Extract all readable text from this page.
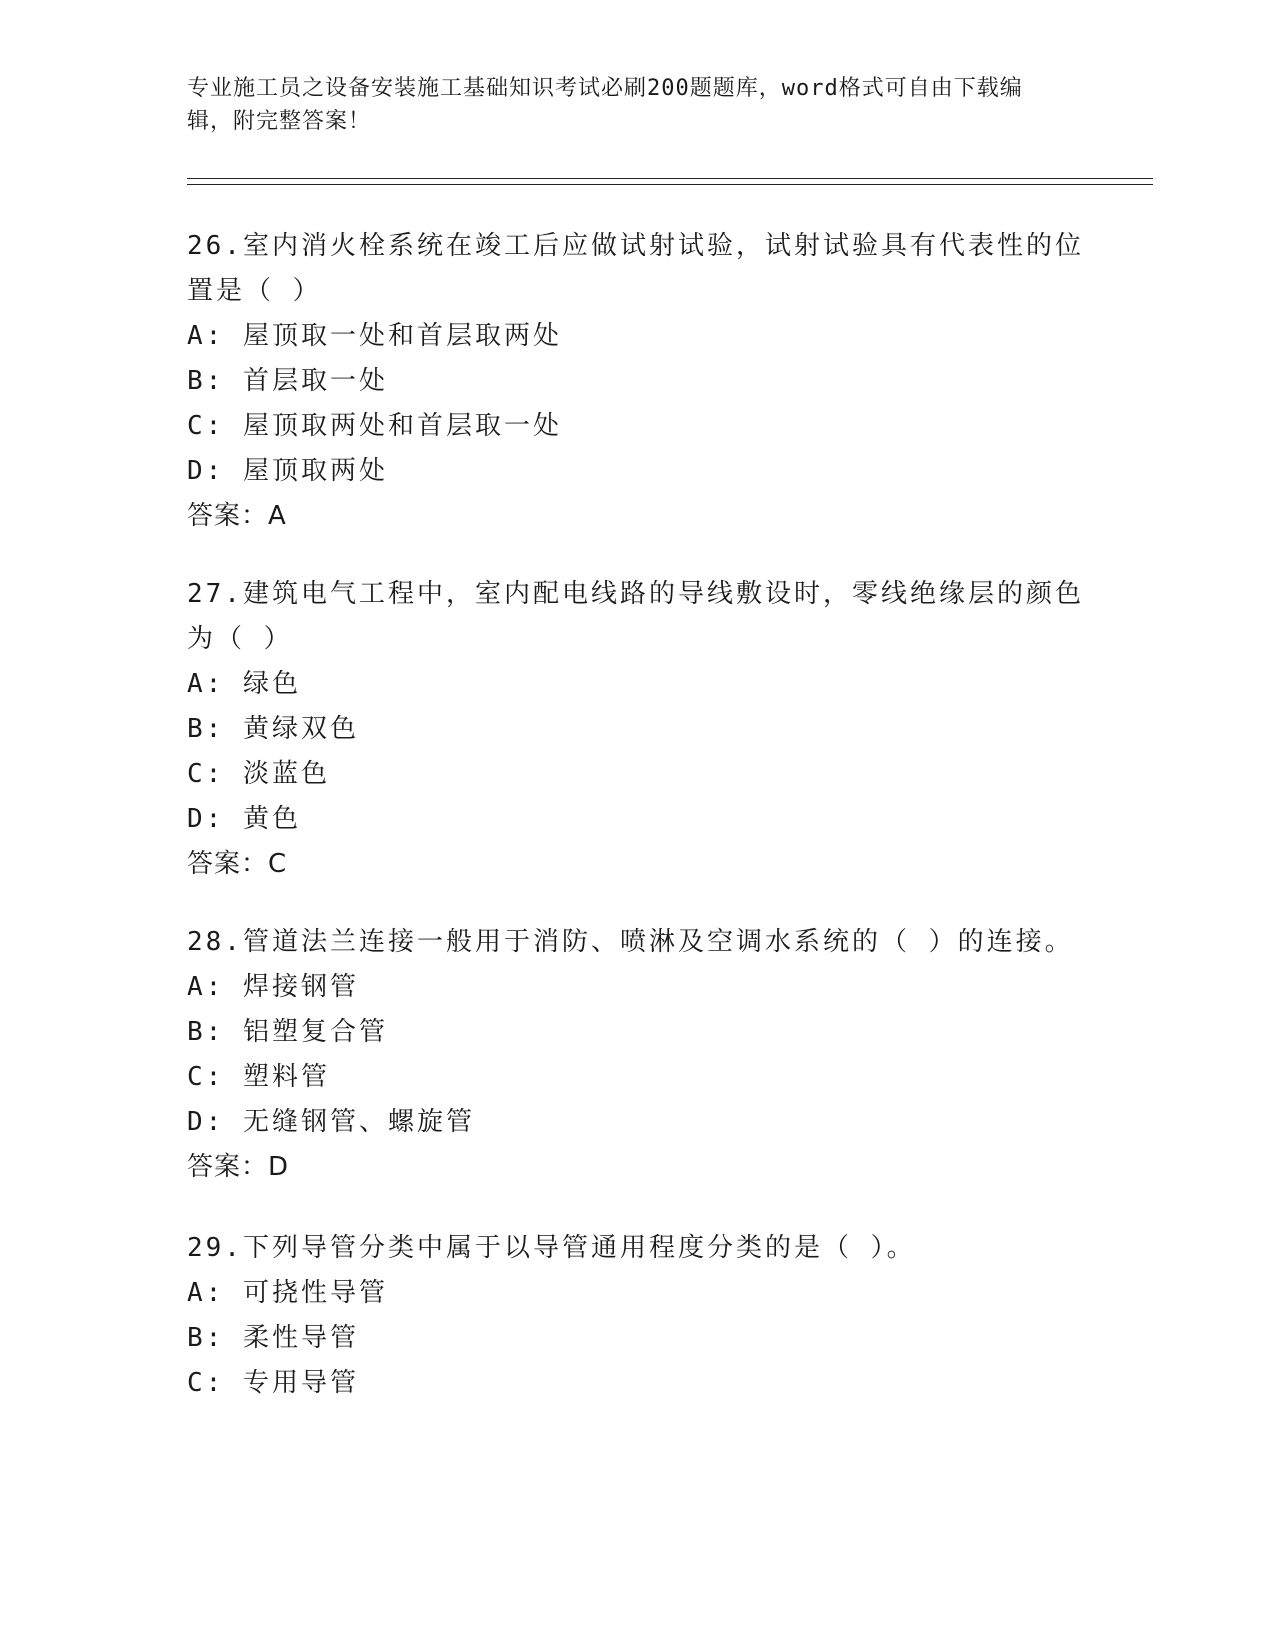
专业施工员之设备安装施工基础知识考试必刷200题题库，word格式可自由下载编辑，附完整答案！
26.室内消火栓系统在竣工后应做试射试验，试射试验具有代表性的位置是（ ）
A: 屋顶取一处和首层取两处
B: 首层取一处
C: 屋顶取两处和首层取一处
D: 屋顶取两处
答案：A
27.建筑电气工程中，室内配电线路的导线敷设时，零线绝缘层的颜色为（ ）
A: 绿色
B: 黄绿双色
C: 淡蓝色
D: 黄色
答案：C
28.管道法兰连接一般用于消防、喷淋及空调水系统的（ ）的连接。
A: 焊接钢管
B: 铝塑复合管
C: 塑料管
D: 无缝钢管、螺旋管
答案：D
29.下列导管分类中属于以导管通用程度分类的是（ ）。
A: 可挠性导管
B: 柔性导管
C: 专用导管
